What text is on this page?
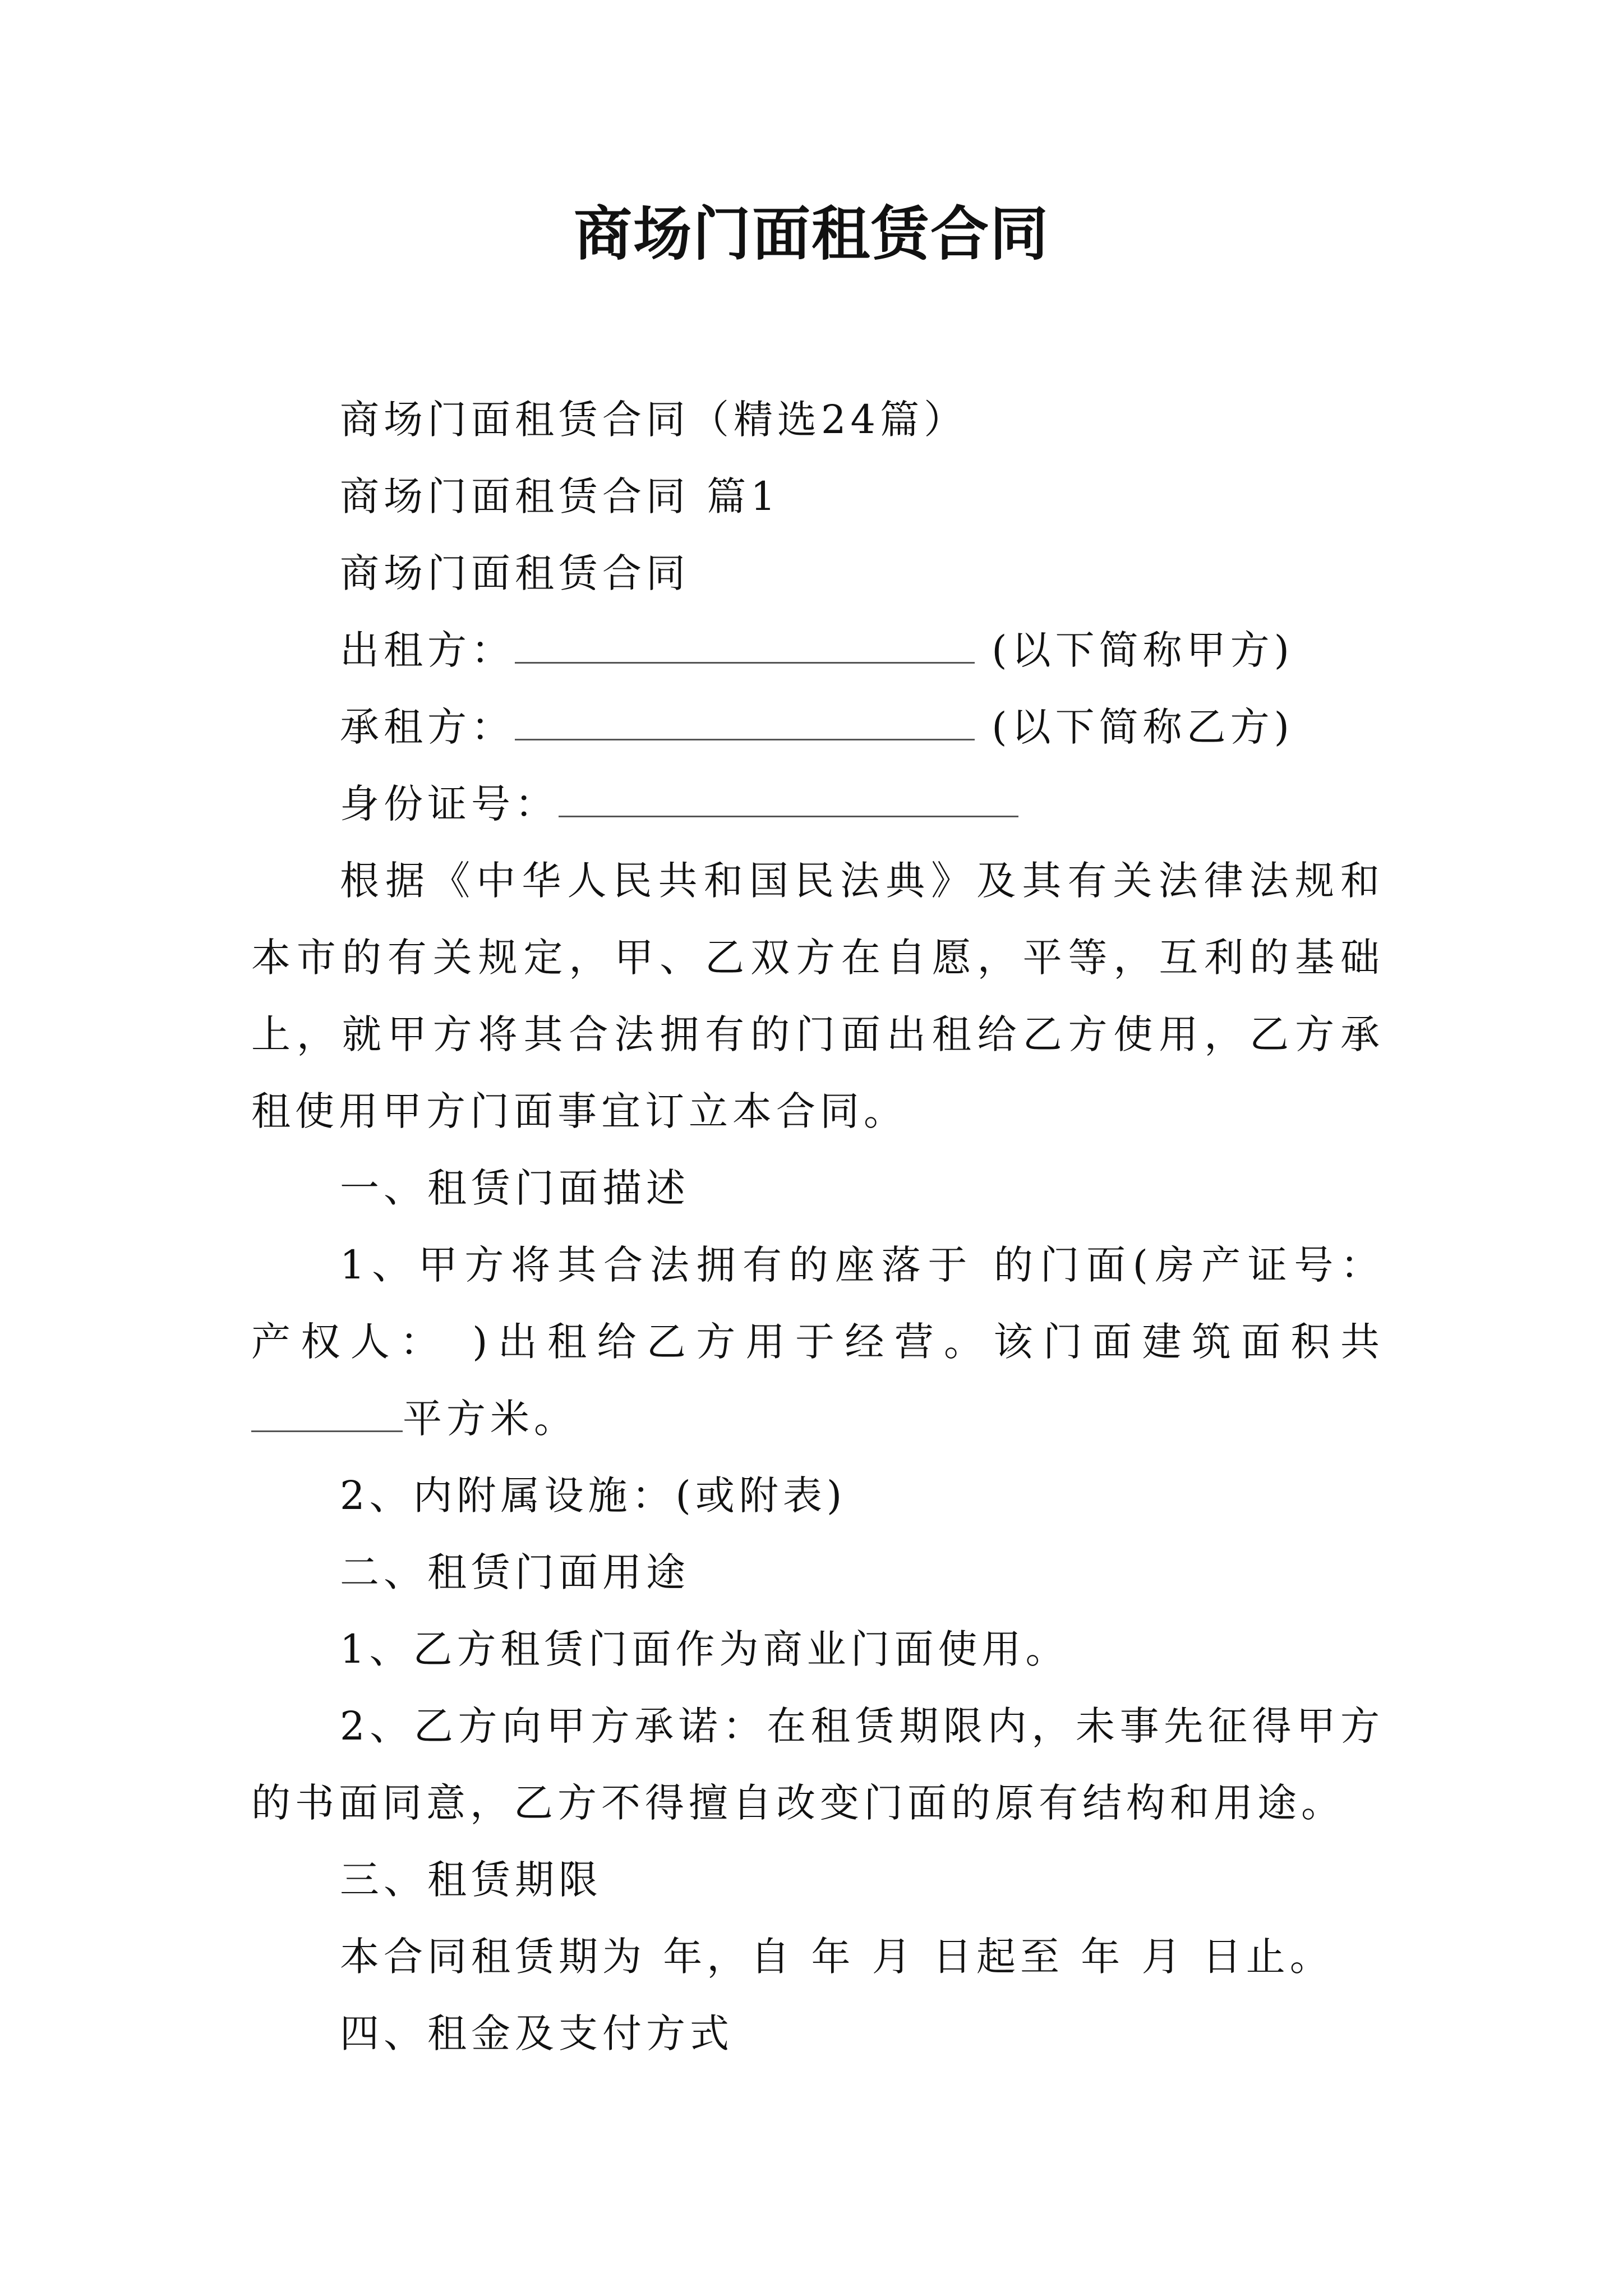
商场门面租赁合同

商场门面租赁合同（精选24篇）

商场门面租赁合同 篇1

商场门面租赁合同

出租方：	(以下简称甲方)

承租方：	(以下简称乙方)

身份证号：

根据《中华人民共和国民法典》及其有关法律法规和本市的有关规定，甲、乙双方在自愿，平等，互利的基础上，就甲方将其合法拥有的门面出租给乙方使用，乙方承租使用甲方门面事宜订立本合同。

一、租赁门面描述

1、甲方将其合法拥有的座落于 的门面(房产证号： 产权人： )出租给乙方用于经营。该门面建筑面积共平方米。

2、内附属设施：(或附表)

二、租赁门面用途

1、乙方租赁门面作为商业门面使用。

2、乙方向甲方承诺：在租赁期限内，未事先征得甲方的书面同意，乙方不得擅自改变门面的原有结构和用途。

三、租赁期限

本合同租赁期为 年，自 年 月 日起至 年 月 日止。

四、租金及支付方式
